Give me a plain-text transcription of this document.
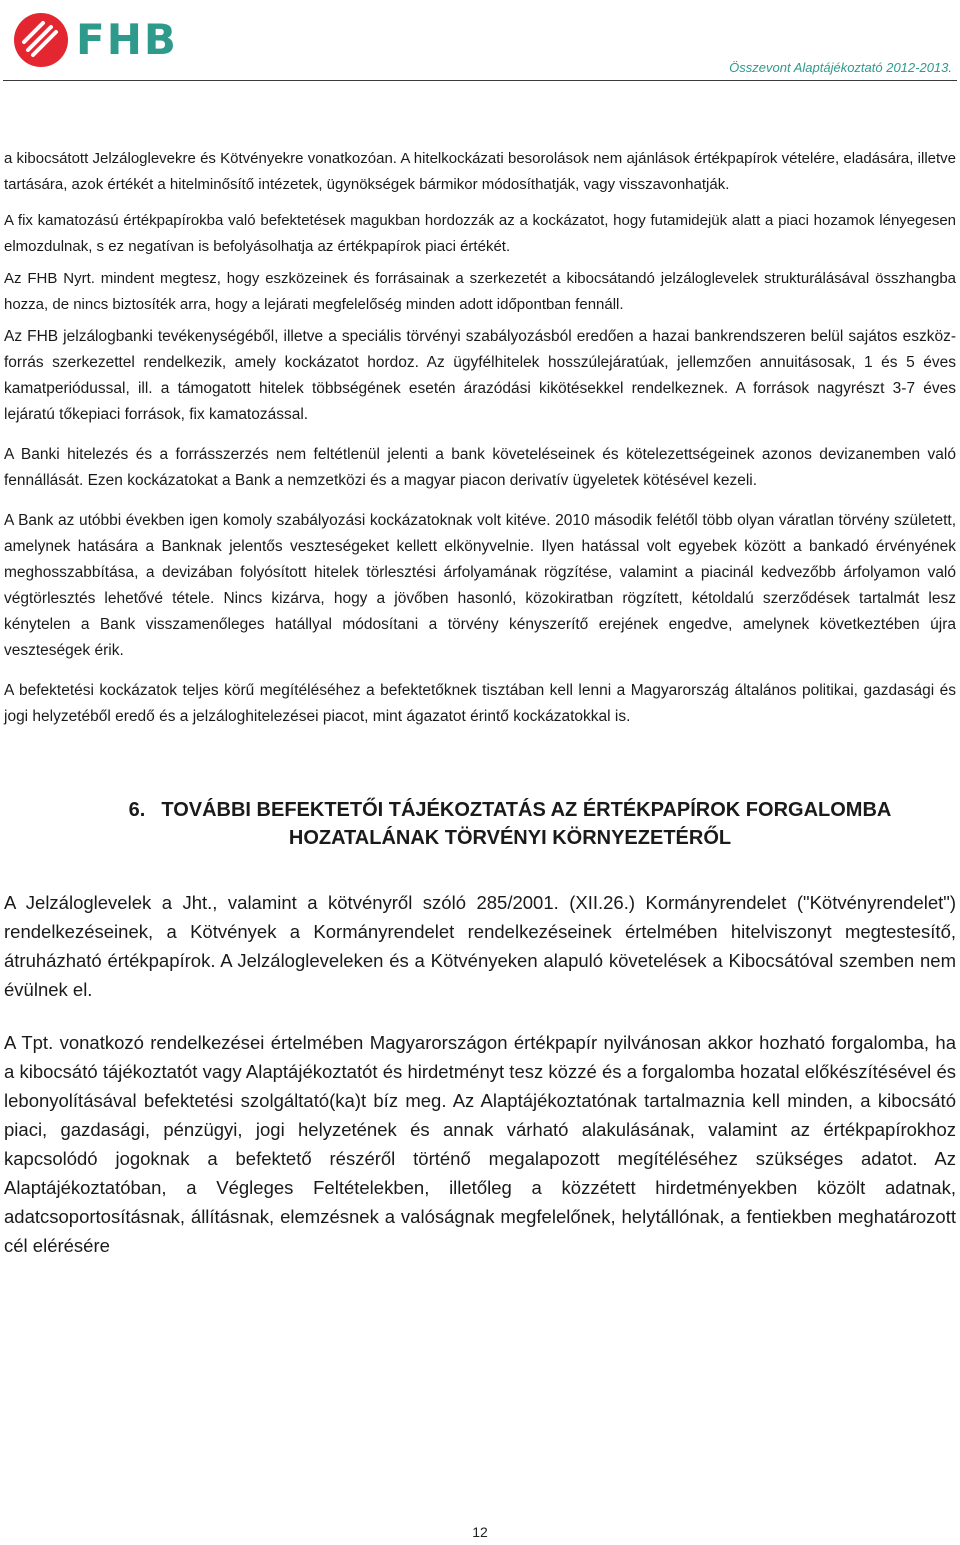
FHB
Összevont Alaptájékoztató 2012-2013.

a kibocsátott Jelzáloglevekre és Kötvényekre vonatkozóan. A hitelkockázati besorolások nem ajánlások értékpapírok vételére, eladására, illetve tartására, azok értékét a hitelminősítő intézetek, ügynökségek bármikor módosíthatják, vagy visszavonhatják.

A fix kamatozású értékpapírokba való befektetések magukban hordozzák az a kockázatot, hogy futamidejük alatt a piaci hozamok lényegesen elmozdulnak, s ez negatívan is befolyásolhatja az értékpapírok piaci értékét.

Az FHB Nyrt. mindent megtesz, hogy eszközeinek és forrásainak a szerkezetét a kibocsátandó jelzáloglevelek strukturálásával összhangba hozza, de nincs biztosíték arra, hogy a lejárati megfelelőség minden adott időpontban fennáll.

Az FHB jelzálogbanki tevékenységéből, illetve a speciális törvényi szabályozásból eredően a hazai bankrendszeren belül sajátos eszköz-forrás szerkezettel rendelkezik, amely kockázatot hordoz. Az ügyfélhitelek hosszúlejáratúak, jellemzően annuitásosak, 1 és 5 éves kamatperiódussal, ill. a támogatott hitelek többségének esetén árazódási kikötésekkel rendelkeznek. A források nagyrészt 3-7 éves lejáratú tőkepiaci források, fix kamatozással.

A Banki hitelezés és a forrásszerzés nem feltétlenül jelenti a bank követeléseinek és kötelezettségeinek azonos devizanemben való fennállását. Ezen kockázatokat a Bank a nemzetközi és a magyar piacon derivatív ügyeletek kötésével kezeli.

A Bank az utóbbi években igen komoly szabályozási kockázatoknak volt kitéve. 2010 második felétől több olyan váratlan törvény született, amelynek hatására a Banknak jelentős veszteségeket kellett elkönyvelnie. Ilyen hatással volt egyebek között a bankadó érvényének meghosszabbítása, a devizában folyósított hitelek törlesztési árfolyamának rögzítése, valamint a piacinál kedvezőbb árfolyamon való végtörlesztés lehetővé tétele. Nincs kizárva, hogy a jövőben hasonló, közokiratban rögzített, kétoldalú szerződések tartalmát lesz kénytelen a Bank visszamenőleges hatállyal módosítani a törvény kényszerítő erejének engedve, amelynek következtében újra veszteségek érik.

A befektetési kockázatok teljes körű megítéléséhez a befektetőknek tisztában kell lenni a Magyarország általános politikai, gazdasági és jogi helyzetéből eredő és a jelzáloghitelezései piacot, mint ágazatot érintő kockázatokkal is.

6. TOVÁBBI BEFEKTETŐI TÁJÉKOZTATÁS AZ ÉRTÉKPAPÍROK FORGALOMBA
HOZATALÁNAK TÖRVÉNYI KÖRNYEZETÉRŐL

A Jelzáloglevelek a Jht., valamint a kötvényről szóló 285/2001. (XII.26.) Kormányrendelet ("Kötvényrendelet") rendelkezéseinek, a Kötvények a Kormányrendelet rendelkezéseinek értelmében hitelviszonyt megtestesítő, átruházható értékpapírok. A Jelzálogleveleken és a Kötvényeken alapuló követelések a Kibocsátóval szemben nem évülnek el.

A Tpt. vonatkozó rendelkezései értelmében Magyarországon értékpapír nyilvánosan akkor hozható forgalomba, ha a kibocsátó tájékoztatót vagy Alaptájékoztatót és hirdetményt tesz közzé és a forgalomba hozatal előkészítésével és lebonyolításával befektetési szolgáltató(ka)t bíz meg. Az Alaptájékoztatónak tartalmaznia kell minden, a kibocsátó piaci, gazdasági, pénzügyi, jogi helyzetének és annak várható alakulásának, valamint az értékpapírokhoz kapcsolódó jogoknak a befektető részéről történő megalapozott megítéléséhez szükséges adatot. Az Alaptájékoztatóban, a Végleges Feltételekben, illetőleg a közzétett hirdetményekben közölt adatnak, adatcsoportosításnak, állításnak, elemzésnek a valóságnak megfelelőnek, helytállónak, a fentiekben meghatározott cél elérésére

12
